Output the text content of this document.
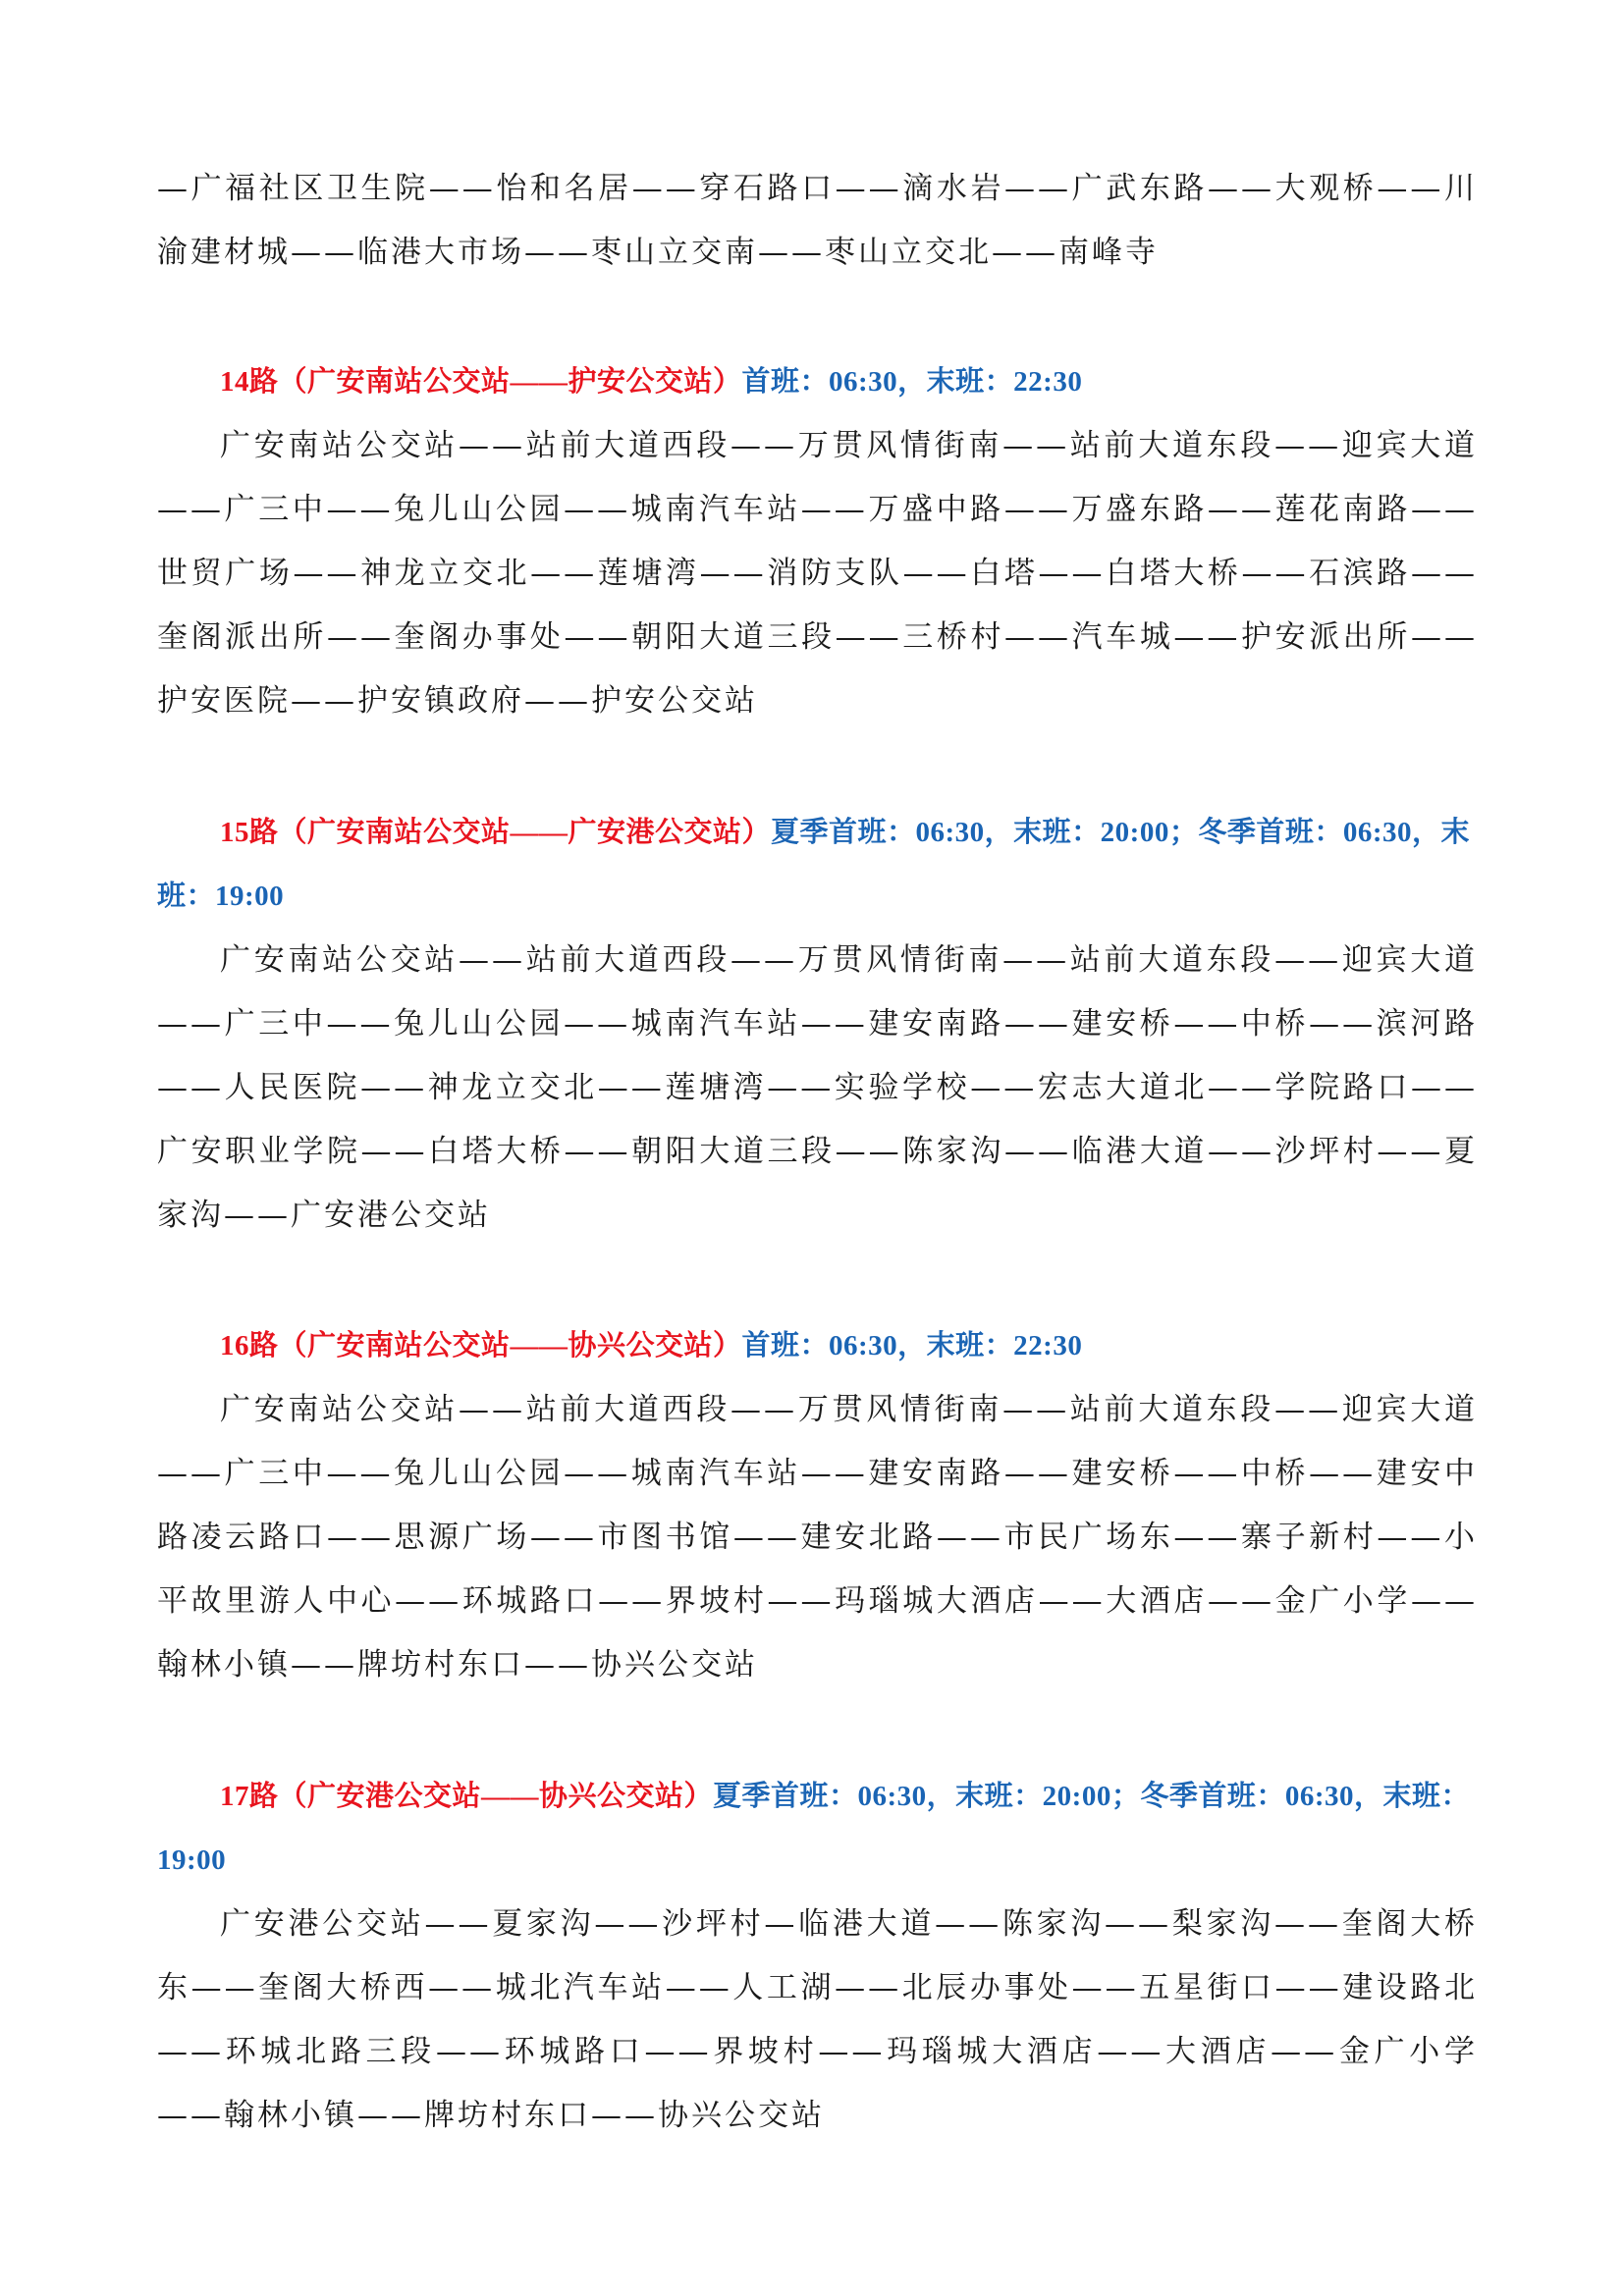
—广福社区卫生院——怡和名居——穿石路口——滴水岩——广武东路——大观桥——川渝建材城——临港大市场——枣山立交南——枣山立交北——南峰寺

14路（广安南站公交站——护安公交站）首班：06:30，末班：22:30

广安南站公交站——站前大道西段——万贯风情街南——站前大道东段——迎宾大道——广三中——兔儿山公园——城南汽车站——万盛中路——万盛东路——莲花南路——世贸广场——神龙立交北——莲塘湾——消防支队——白塔——白塔大桥——石滨路——奎阁派出所——奎阁办事处——朝阳大道三段——三桥村——汽车城——护安派出所——护安医院——护安镇政府——护安公交站

15路（广安南站公交站——广安港公交站）夏季首班：06:30，末班：20:00；冬季首班：06:30，末班：19:00

广安南站公交站——站前大道西段——万贯风情街南——站前大道东段——迎宾大道——广三中——兔儿山公园——城南汽车站——建安南路——建安桥——中桥——滨河路——人民医院——神龙立交北——莲塘湾——实验学校——宏志大道北——学院路口——广安职业学院——白塔大桥——朝阳大道三段——陈家沟——临港大道——沙坪村——夏家沟——广安港公交站

16路（广安南站公交站——协兴公交站）首班：06:30，末班：22:30

广安南站公交站——站前大道西段——万贯风情街南——站前大道东段——迎宾大道——广三中——兔儿山公园——城南汽车站——建安南路——建安桥——中桥——建安中路凌云路口——思源广场——市图书馆——建安北路——市民广场东——寨子新村——小平故里游人中心——环城路口——界坡村——玛瑙城大酒店——大酒店——金广小学——翰林小镇——牌坊村东口——协兴公交站

17路（广安港公交站——协兴公交站）夏季首班：06:30，末班：20:00；冬季首班：06:30，末班：19:00

广安港公交站——夏家沟——沙坪村—临港大道——陈家沟——梨家沟——奎阁大桥东——奎阁大桥西——城北汽车站——人工湖——北辰办事处——五星街口——建设路北——环城北路三段——环城路口——界坡村——玛瑙城大酒店——大酒店——金广小学——翰林小镇——牌坊村东口——协兴公交站
